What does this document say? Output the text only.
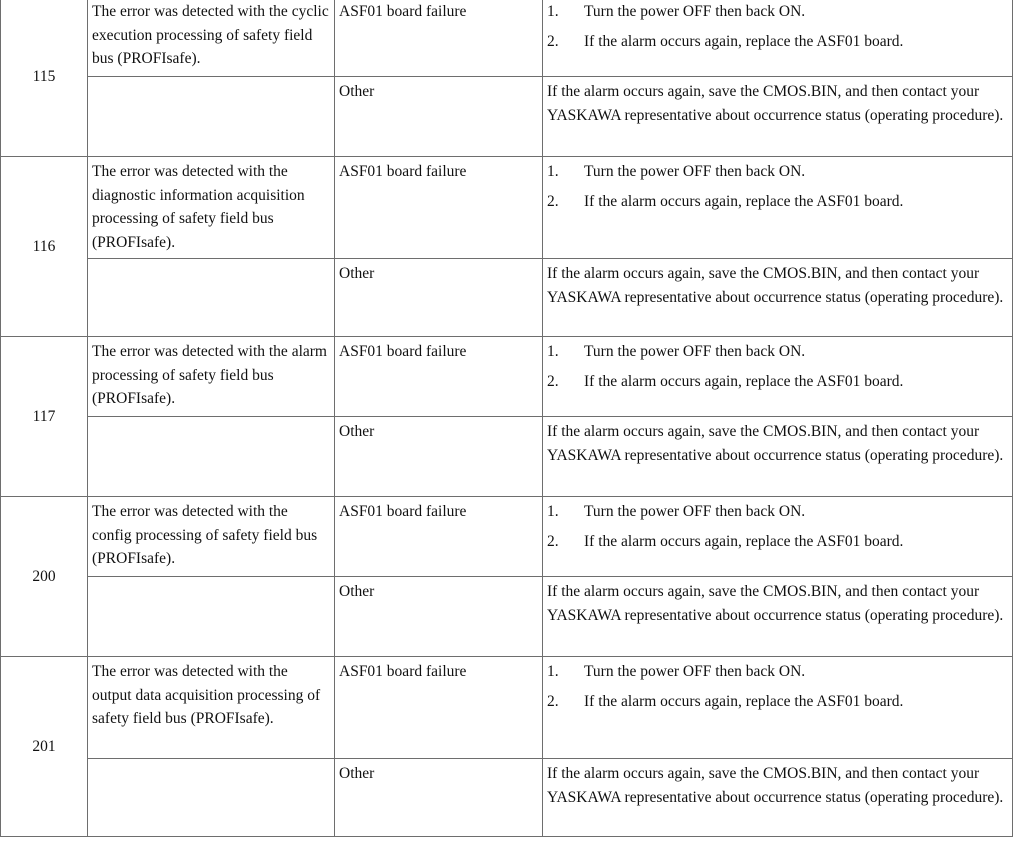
115	The error was detected with the cyclic execution processing of safety field bus (PROFIsafe).	ASF01 board failure	1. Turn the power OFF then back ON.
2. If the alarm occurs again, replace the ASF01 board.

		Other	If the alarm occurs again, save the CMOS.BIN, and then contact your YASKAWA representative about occurrence status (operating procedure).
116	The error was detected with the diagnostic information acquisition processing of safety field bus (PROFIsafe).	ASF01 board failure	1. Turn the power OFF then back ON.
2. If the alarm occurs again, replace the ASF01 board.

		Other	If the alarm occurs again, save the CMOS.BIN, and then contact your YASKAWA representative about occurrence status (operating procedure).
117	The error was detected with the alarm processing of safety field bus (PROFIsafe).	ASF01 board failure	1. Turn the power OFF then back ON.
2. If the alarm occurs again, replace the ASF01 board.

		Other	If the alarm occurs again, save the CMOS.BIN, and then contact your YASKAWA representative about occurrence status (operating procedure).
200	The error was detected with the config processing of safety field bus (PROFIsafe).	ASF01 board failure	1. Turn the power OFF then back ON.
2. If the alarm occurs again, replace the ASF01 board.

		Other	If the alarm occurs again, save the CMOS.BIN, and then contact your YASKAWA representative about occurrence status (operating procedure).
201	The error was detected with the output data acquisition processing of safety field bus (PROFIsafe).	ASF01 board failure	1. Turn the power OFF then back ON.
2. If the alarm occurs again, replace the ASF01 board.

		Other	If the alarm occurs again, save the CMOS.BIN, and then contact your YASKAWA representative about occurrence status (operating procedure).
